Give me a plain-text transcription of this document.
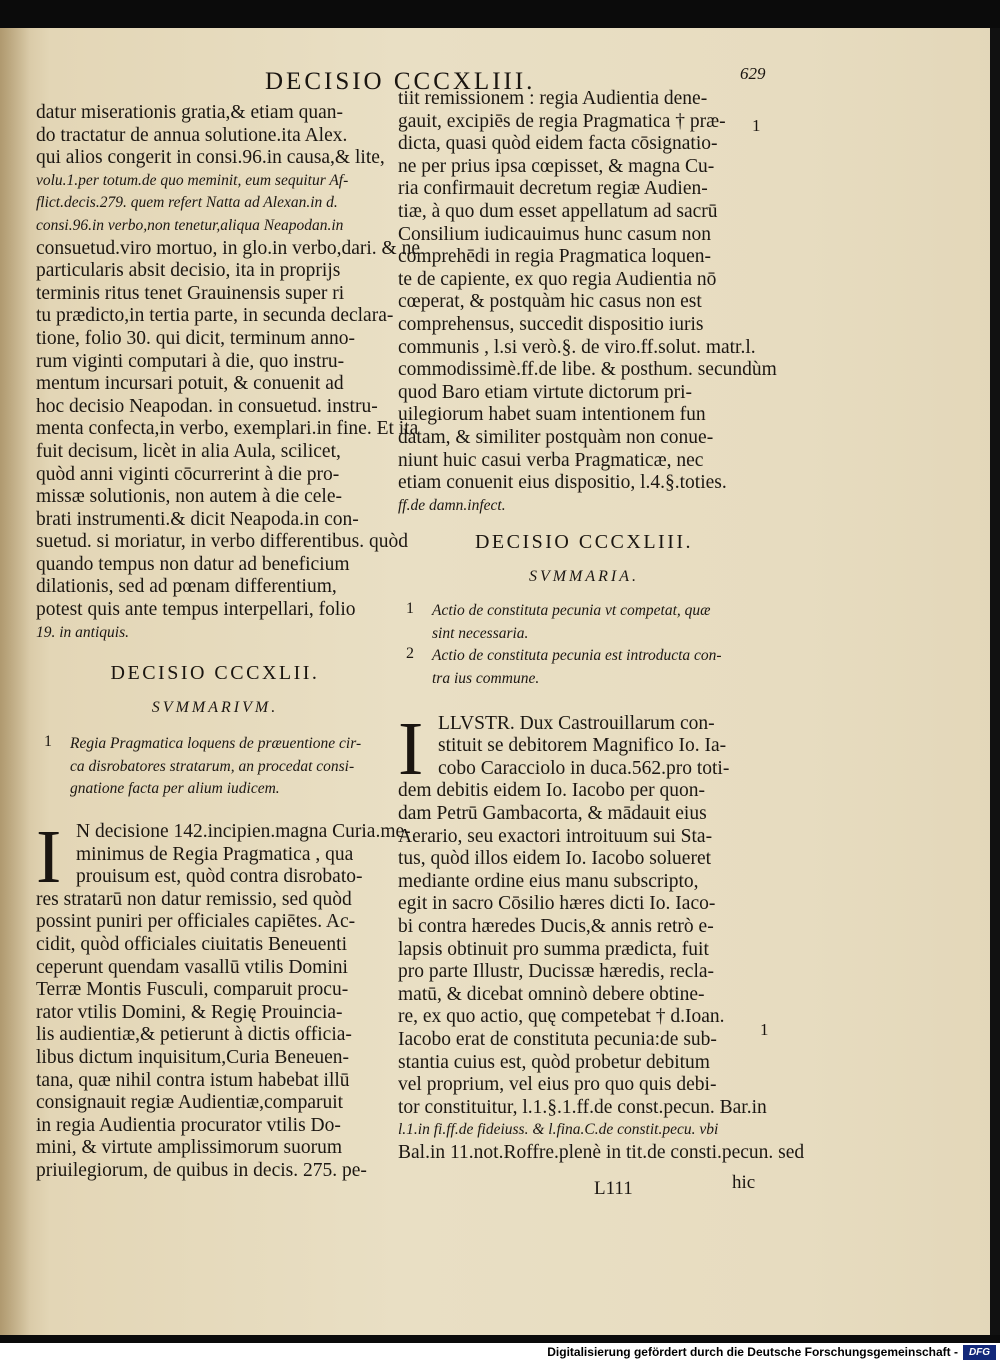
DECISIO CCCXLIII.	629
datur miserationis gratia,& etiam quan-
do tractatur de annua solutione.ita Alex.
qui alios congerit in consi.96.in causa,& lite,
volu.1.per totum.de quo meminit, eum sequitur Af-
flict.decis.279. quem refert Natta ad Alexan.in d.
consi.96.in verbo,non tenetur,aliqua Neapodan.in
consuetud.viro mortuo, in glo.in verbo,dari. & ne
particularis absit decisio, ita in proprijs
terminis ritus tenet Grauinensis super ri
tu prædicto,in tertia parte, in secunda declara-
tione, folio 30. qui dicit, terminum anno-
rum viginti computari à die, quo instru-
mentum incursari potuit, & conuenit ad
hoc decisio Neapodan. in consuetud. instru-
menta confecta,in verbo, exemplari.in fine. Et ita
fuit decisum, licèt in alia Aula, scilicet,
quòd anni viginti cōcurrerint à die pro-
missæ solutionis, non autem à die cele-
brati instrumenti.& dicit Neapoda.in con-
suetud. si moriatur, in verbo differentibus. quòd
quando tempus non datur ad beneficium
dilationis, sed ad pœnam differentium,
potest quis ante tempus interpellari, folio
19. in antiquis.
DECISIO CCCXLII.
SVMMARIVM.
1 Regia Pragmatica loquens de præuentione cir-
ca disrobatores stratarum, an procedat consi-
gnatione facta per alium iudicem.
I N decisione 142.incipien.magna Curia.me-
minimus de Regia Pragmatica , qua
prouisum est, quòd contra disrobato-
res stratarū non datur remissio, sed quòd
possint puniri per officiales capiētes. Ac-
cidit, quòd officiales ciuitatis Beneuenti
ceperunt quendam vasallū vtilis Domini
Terræ Montis Fusculi, comparuit procu-
rator vtilis Domini, & Regię Prouincia-
lis audientiæ,& petierunt à dictis officia-
libus dictum inquisitum,Curia Beneuen-
tana, quæ nihil contra istum habebat illū
consignauit regiæ Audientiæ,comparuit
in regia Audientia procurator vtilis Do-
mini, & virtute amplissimorum suorum
priuilegiorum, de quibus in decis. 275. pe-
tiit remissionem : regia Audientia dene-
gauit, excipiēs de regia Pragmatica † præ-
dicta, quasi quòd eidem facta cōsignatio-
ne per prius ipsa cœpisset, & magna Cu-
ria confirmauit decretum regiæ Audien-
tiæ, à quo dum esset appellatum ad sacrū
Consilium iudicauimus hunc casum non
comprehēdi in regia Pragmatica loquen-
te de capiente, ex quo regia Audientia nō
cœperat, & postquàm hic casus non est
comprehensus, succedit dispositio iuris
communis , l.si verò.§. de viro.ff.solut. matr.l.
commodissimè.ff.de libe. & posthum. secundùm
quod Baro etiam virtute dictorum pri-
uilegiorum habet suam intentionem fun
datam, & similiter postquàm non conue-
niunt huic casui verba Pragmaticæ, nec
etiam conuenit eius dispositio, l.4.§.toties.
ff.de damn.infect.
DECISIO CCCXLIII.
SVMMARIA.
1 Actio de constituta pecunia vt competat, quæ
sint necessaria.
2 Actio de constituta pecunia est introducta con-
tra ius commune.
I LLVSTR. Dux Castrouillarum con-
stituit se debitorem Magnifico Io. Ia-
cobo Caracciolo in duca.562.pro toti-
dem debitis eidem Io. Iacobo per quon-
dam Petrū Gambacorta, & mādauit eius
Aerario, seu exactori introituum sui Sta-
tus, quòd illos eidem Io. Iacobo solueret
mediante ordine eius manu subscripto,
egit in sacro Cōsilio hæres dicti Io. Iaco-
bi contra hæredes Ducis,& annis retrò e-
lapsis obtinuit pro summa prædicta, fuit
pro parte Illustr, Ducissæ hæredis, recla-
matū, & dicebat omninò debere obtine-
re, ex quo actio, quę competebat † d.Ioan.
Iacobo erat de constituta pecunia:de sub-
stantia cuius est, quòd probetur debitum
vel proprium, vel eius pro quo quis debi-
tor constituitur, l.1.§.1.ff.de const.pecun. Bar.in
l.1.in fi.ff.de fideiuss. & l.fina.C.de constit.pecu. vbi
Bal.in 11.not.Roffre.plenè in tit.de consti.pecun. sed
1
1
L111	hic
Digitalisierung gefördert durch die Deutsche Forschungsgemeinschaft -	DFG
